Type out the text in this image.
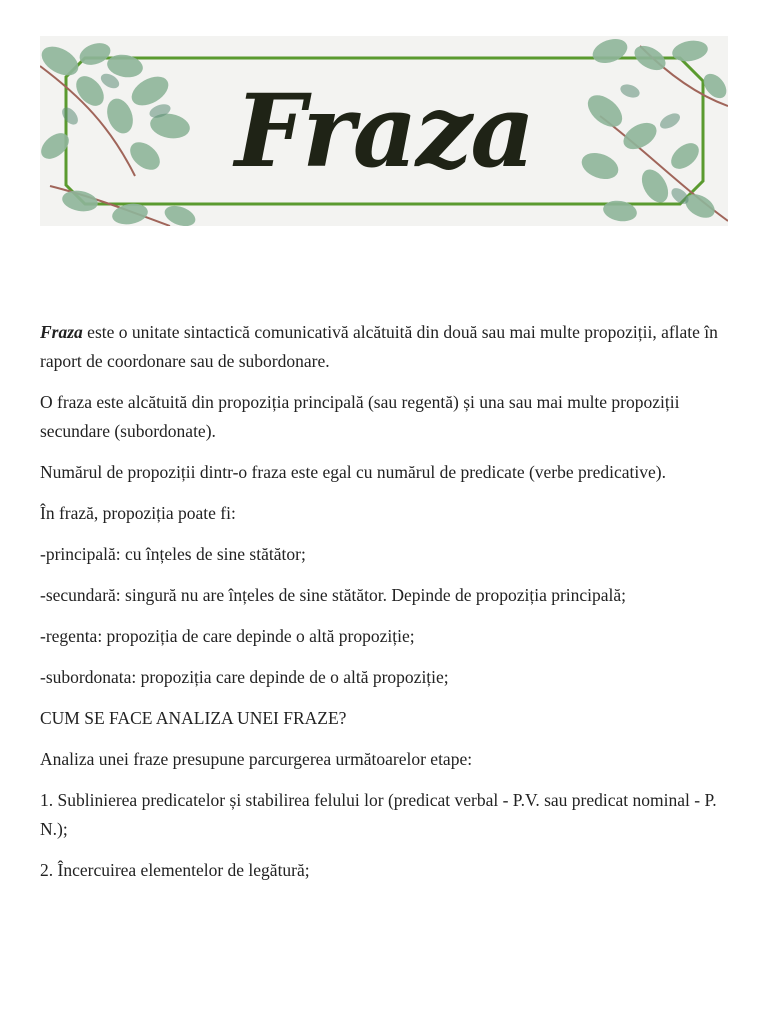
Fraza

Fraza este o unitate sintactică comunicativă alcătuită din două sau mai multe propoziții, aflate în raport de coordonare sau de subordonare.

O fraza este alcătuită din propoziția principală (sau regentă) și una sau mai multe propoziții secundare (subordonate).

Numărul de propoziții dintr-o fraza este egal cu numărul de predicate (verbe predicative).

În frază, propoziția poate fi:

-principală: cu înțeles de sine stătător;

-secundară: singură nu are înțeles de sine stătător. Depinde de propoziția principală;

-regenta: propoziția de care depinde o altă propoziție;

-subordonata: propoziția care depinde de o altă propoziție;

CUM SE FACE ANALIZA UNEI FRAZE?

Analiza unei fraze presupune parcurgerea următoarelor etape:

1. Sublinierea predicatelor și stabilirea felului lor (predicat verbal - P.V. sau predicat nominal - P. N.);

2. Încercuirea elementelor de legătură;
